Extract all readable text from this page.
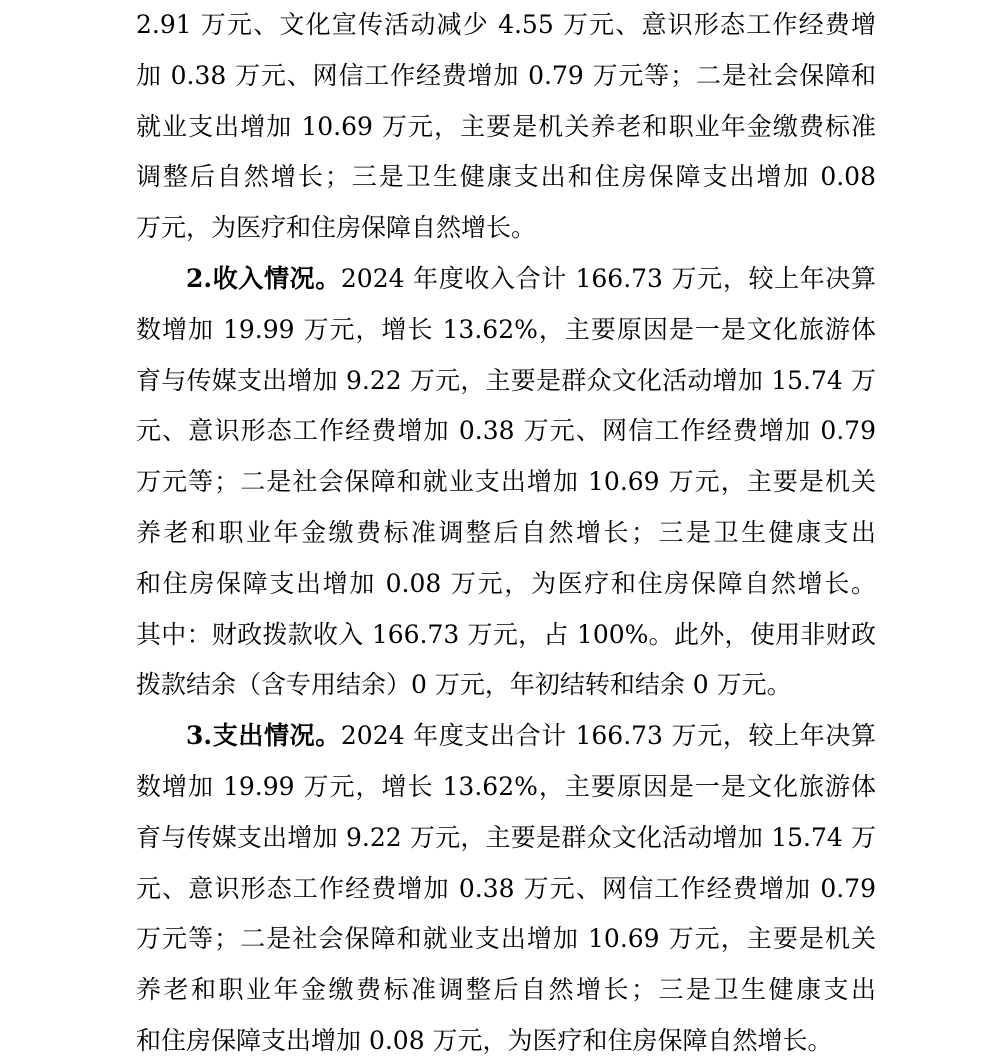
2.91 万元、文化宣传活动减少 4.55 万元、意识形态工作经费增
加 0.38 万元、网信工作经费增加 0.79 万元等；二是社会保障和
就业支出增加 10.69 万元，主要是机关养老和职业年金缴费标准
调整后自然增长；三是卫生健康支出和住房保障支出增加 0.08
万元，为医疗和住房保障自然增长。
2.收入情况。2024 年度收入合计 166.73 万元，较上年决算
数增加 19.99 万元，增长 13.62%，主要原因是一是文化旅游体
育与传媒支出增加 9.22 万元，主要是群众文化活动增加 15.74 万
元、意识形态工作经费增加 0.38 万元、网信工作经费增加 0.79
万元等；二是社会保障和就业支出增加 10.69 万元，主要是机关
养老和职业年金缴费标准调整后自然增长；三是卫生健康支出
和住房保障支出增加 0.08 万元，为医疗和住房保障自然增长。
其中：财政拨款收入 166.73 万元，占 100%。此外，使用非财政
拨款结余（含专用结余）0 万元，年初结转和结余 0 万元。
3.支出情况。2024 年度支出合计 166.73 万元，较上年决算
数增加 19.99 万元，增长 13.62%，主要原因是一是文化旅游体
育与传媒支出增加 9.22 万元，主要是群众文化活动增加 15.74 万
元、意识形态工作经费增加 0.38 万元、网信工作经费增加 0.79
万元等；二是社会保障和就业支出增加 10.69 万元，主要是机关
养老和职业年金缴费标准调整后自然增长；三是卫生健康支出
和住房保障支出增加 0.08 万元，为医疗和住房保障自然增长。
